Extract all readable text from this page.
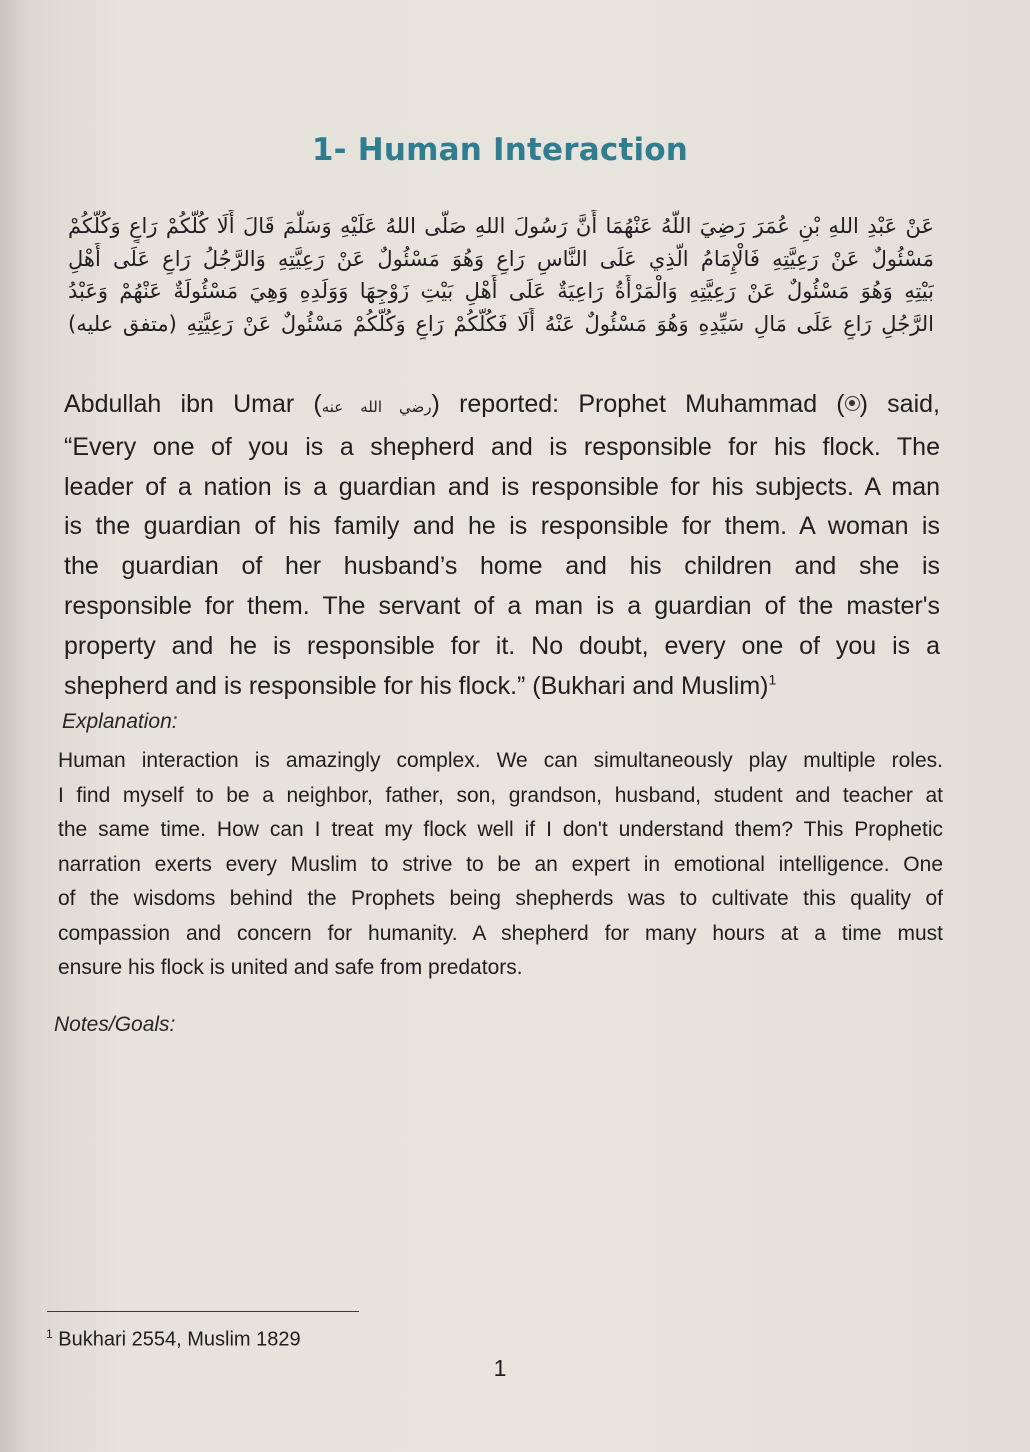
1- Human Interaction
عَنْ عَبْدِ اللهِ بْنِ عُمَرَ رَضِيَ اللَّهُ عَنْهُمَا أَنَّ رَسُولَ اللهِ صَلَّى اللهُ عَلَيْهِ وَسَلَّمَ قَالَ أَلَا كُلُّكُمْ رَاعٍ وَكُلُّكُمْ
مَسْئُولٌ عَنْ رَعِيَّتِهِ فَالْإِمَامُ الَّذِي عَلَى النَّاسِ رَاعٍ وَهُوَ مَسْئُولٌ عَنْ رَعِيَّتِهِ وَالرَّجُلُ رَاعٍ عَلَى أَهْلِ
بَيْتِهِ وَهُوَ مَسْئُولٌ عَنْ رَعِيَّتِهِ وَالْمَرْأَةُ رَاعِيَةٌ عَلَى أَهْلِ بَيْتِ زَوْجِهَا وَوَلَدِهِ وَهِيَ مَسْئُولَةٌ عَنْهُمْ وَعَبْدُ
الرَّجُلِ رَاعٍ عَلَى مَالِ سَيِّدِهِ وَهُوَ مَسْئُولٌ عَنْهُ أَلَا فَكُلُّكُمْ رَاعٍ وَكُلُّكُمْ مَسْئُولٌ عَنْ رَعِيَّتِهِ (متفق عليه)
Abdullah ibn Umar (رضي الله عنه) reported: Prophet Muhammad ( ) said,
“Every one of you is a shepherd and is responsible for his flock. The
leader of a nation is a guardian and is responsible for his subjects. A man
is the guardian of his family and he is responsible for them. A woman is
the guardian of her husband’s home and his children and she is
responsible for them. The servant of a man is a guardian of the master's
property and he is responsible for it. No doubt, every one of you is a
shepherd and is responsible for his flock.” (Bukhari and Muslim)$^1$
Explanation:
Human interaction is amazingly complex. We can simultaneously play multiple roles.
I find myself to be a neighbor, father, son, grandson, husband, student and teacher at
the same time. How can I treat my flock well if I don't understand them? This Prophetic
narration exerts every Muslim to strive to be an expert in emotional intelligence. One
of the wisdoms behind the Prophets being shepherds was to cultivate this quality of
compassion and concern for humanity. A shepherd for many hours at a time must
ensure his flock is united and safe from predators.
Notes/Goals:
$^1$ Bukhari 2554, Muslim 1829
1
